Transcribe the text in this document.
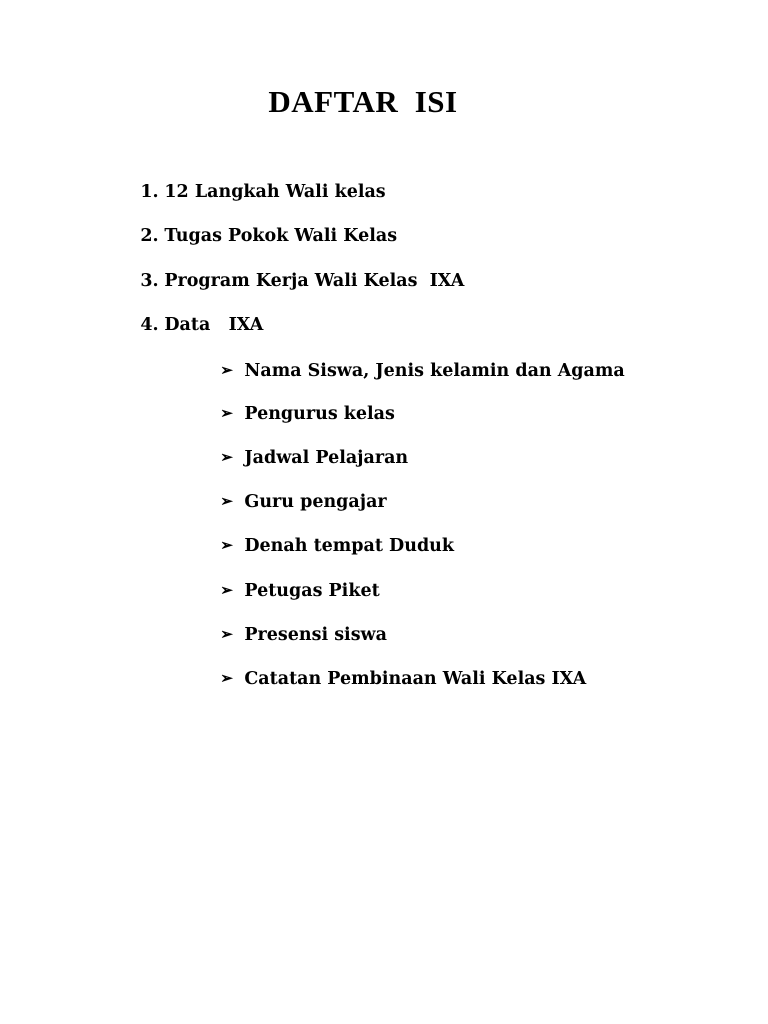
DAFTAR  ISI

1. 12 Langkah Wali kelas

2. Tugas Pokok Wali Kelas

3. Program Kerja Wali Kelas  IXA

4. Data   IXA

➢ Nama Siswa, Jenis kelamin dan Agama

➢ Pengurus kelas

➢ Jadwal Pelajaran

➢ Guru pengajar

➢ Denah tempat Duduk

➢ Petugas Piket

➢ Presensi siswa

➢ Catatan Pembinaan Wali Kelas IXA
